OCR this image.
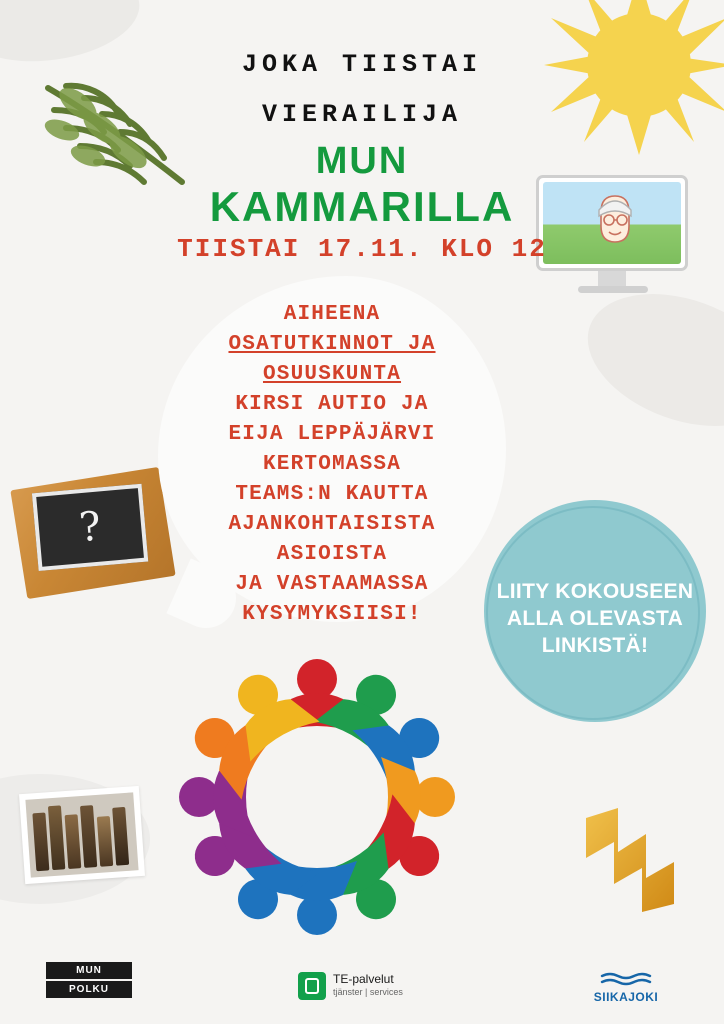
?
LIITY KOKOUSEEN
ALLA OLEVASTA
LINKISTÄ!
JOKA TIISTAI
VIERAILIJA
MUN
KAMMARILLA
TIISTAI 17.11. KLO 12
AIHEENA
OSATUTKINNOT JA
OSUUSKUNTA
KIRSI AUTIO JA
EIJA LEPPÄJÄRVI
KERTOMASSA
TEAMS:N KAUTTA
AJANKOHTAISISTA
ASIOISTA
JA VASTAAMASSA
KYSYMYKSIISI!
MUN
POLKU
TE-palvelut
tjänster | services	SIIKAJOKI
